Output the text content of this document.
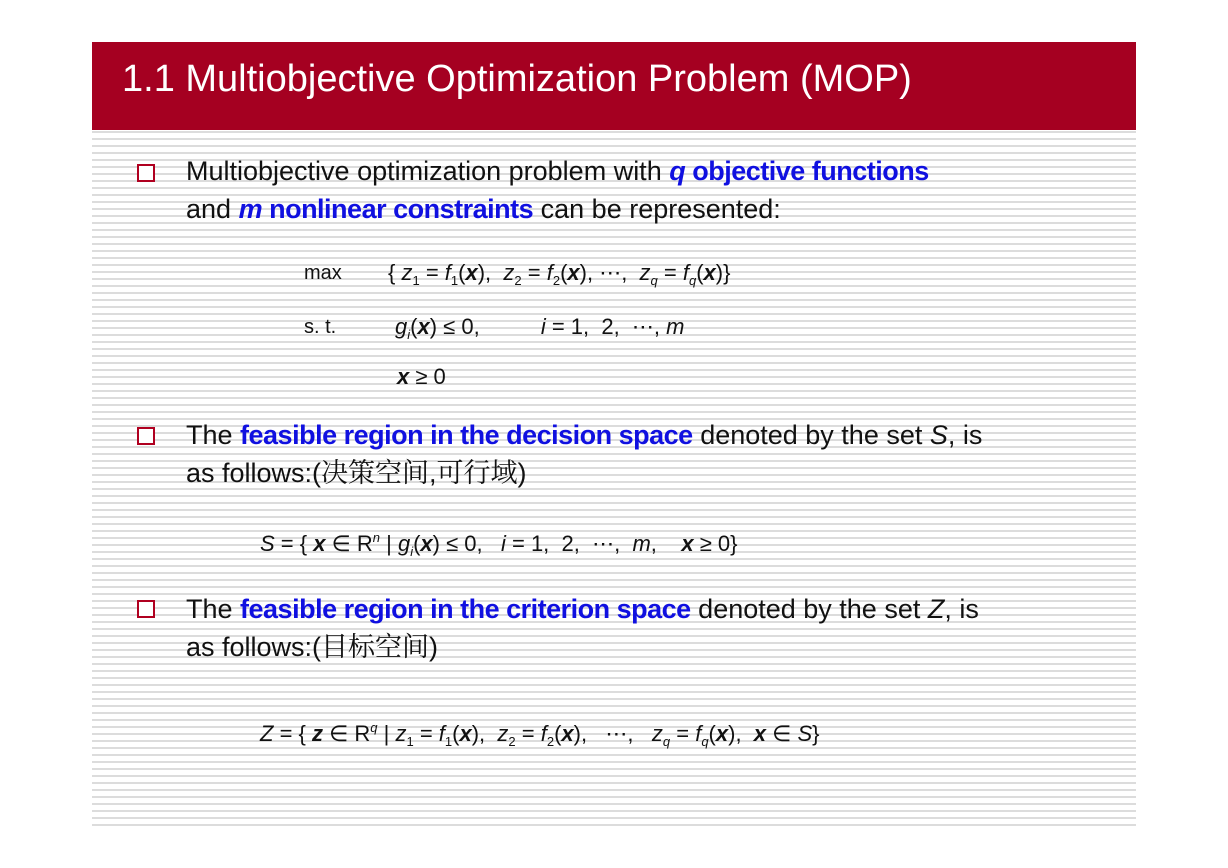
1.1 Multiobjective Optimization Problem (MOP)
Multiobjective optimization problem with q objective functions
and m nonlinear constraints can be represented:
max { $z_1 = f_1(x)$,  $z_2 = f_2(x)$, ⋯,  $z_q = f_q(x)$}
s. t.	$g_i(x) \le 0$,          i = 1,  2,  ⋯, m
x ≥ 0
The feasible region in the decision space denoted by the set S, is
as follows:(决策空间,可行域)
S = { x ∈ $R^n$ | $g_i(x) \le 0$,   i = 1,  2,  ⋯,  m,    x ≥ 0}
The feasible region in the criterion space denoted by the set Z, is
as follows:(目标空间)
Z = { z ∈ $R^q$ | $z_1 = f_1(x)$,  $z_2 = f_2(x)$,   ⋯,   $z_q = f_q(x)$,  x ∈ S}
